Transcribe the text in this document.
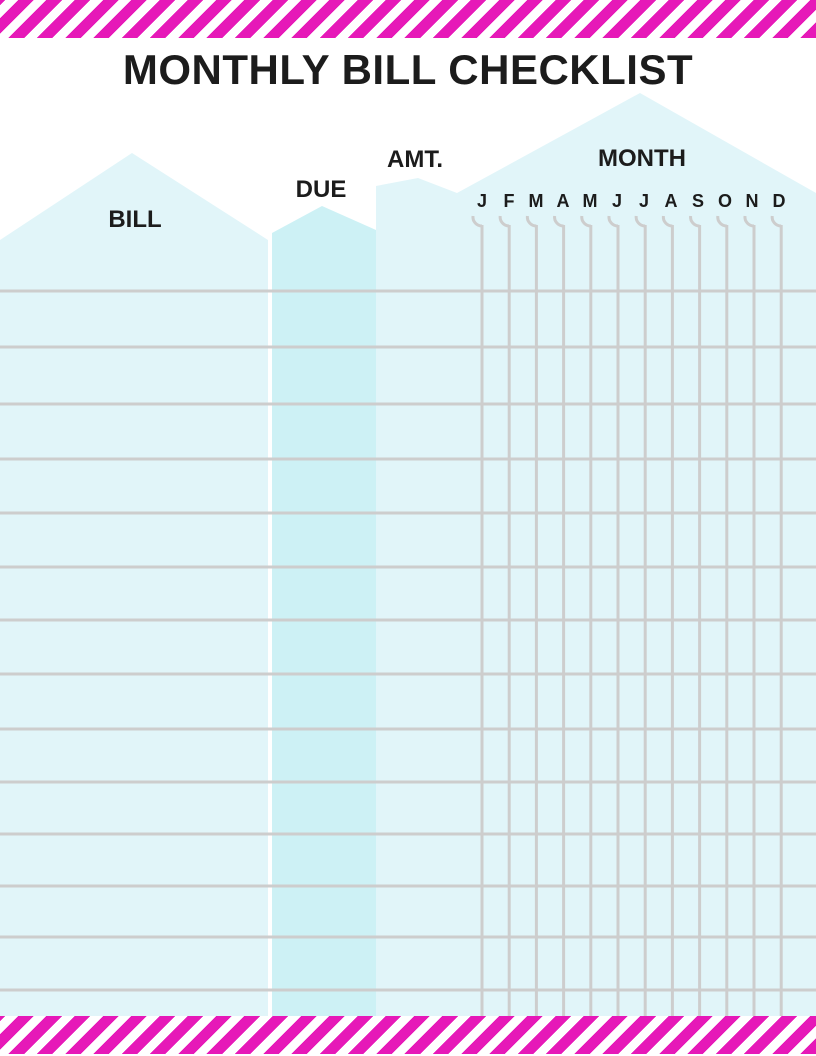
MONTHLY BILL CHECKLIST
BILL
DUE
AMT.	MONTH
J F M A M J J A S O N D
